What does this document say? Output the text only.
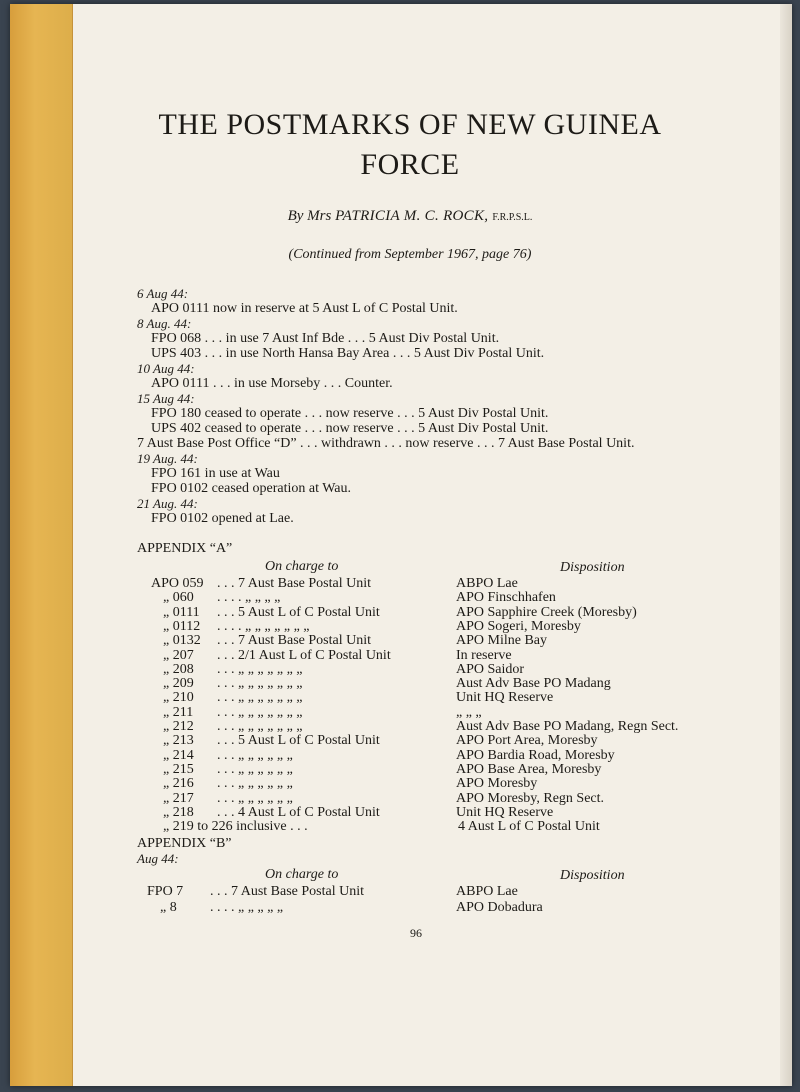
THE POSTMARKS OF NEW GUINEA
FORCE
By Mrs PATRICIA M. C. ROCK, F.R.P.S.L.
(Continued from September 1967, page 76)
6 Aug 44:
APO 0111 now in reserve at 5 Aust L of C Postal Unit.
8 Aug. 44:
FPO 068 . . . in use 7 Aust Inf Bde . . . 5 Aust Div Postal Unit.
UPS 403 . . . in use North Hansa Bay Area . . . 5 Aust Div Postal Unit.
10 Aug 44:
APO 0111 . . . in use Morseby . . . Counter.
15 Aug 44:
FPO 180 ceased to operate . . . now reserve . . . 5 Aust Div Postal Unit.
UPS 402 ceased to operate . . . now reserve . . . 5 Aust Div Postal Unit.
7 Aust Base Post Office “D” . . . withdrawn . . . now reserve . . . 7 Aust Base Postal Unit.
19 Aug. 44:
FPO 161 in use at Wau
FPO 0102 ceased operation at Wau.
21 Aug. 44:
FPO 0102 opened at Lae.
APPENDIX “A”
On charge to	Disposition
APO 059 . . . 7 Aust Base Postal Unit	ABPO Lae
„ 060 . . . . „ „ „ „	APO Finschhafen
„ 0111 . . . 5 Aust L of C Postal Unit	APO Sapphire Creek (Moresby)
„ 0112 . . . . „ „ „ „ „ „ „	APO Sogeri, Moresby
„ 0132 . . . 7 Aust Base Postal Unit	APO Milne Bay
„ 207 . . . 2/1 Aust L of C Postal Unit	In reserve
„ 208 . . . „ „ „ „ „ „ „	APO Saidor
„ 209 . . . „ „ „ „ „ „ „	Aust Adv Base PO Madang
„ 210 . . . „ „ „ „ „ „ „	Unit HQ Reserve
„ 211 . . . „ „ „ „ „ „ „	„ „ „
„ 212 . . . „ „ „ „ „ „ „	Aust Adv Base PO Madang, Regn Sect.
„ 213 . . . 5 Aust L of C Postal Unit	APO Port Area, Moresby
„ 214 . . . „ „ „ „ „ „	APO Bardia Road, Moresby
„ 215 . . . „ „ „ „ „ „	APO Base Area, Moresby
„ 216 . . . „ „ „ „ „ „	APO Moresby
„ 217 . . . „ „ „ „ „ „	APO Moresby, Regn Sect.
„ 218 . . . 4 Aust L of C Postal Unit	Unit HQ Reserve
„ 219 to 226 inclusive . . .	4 Aust L of C Postal Unit
APPENDIX “B”
Aug 44:
On charge to	Disposition
FPO 7 . . . 7 Aust Base Postal Unit	ABPO Lae
„ 8 . . . . „ „ „ „ „	APO Dobadura
96
